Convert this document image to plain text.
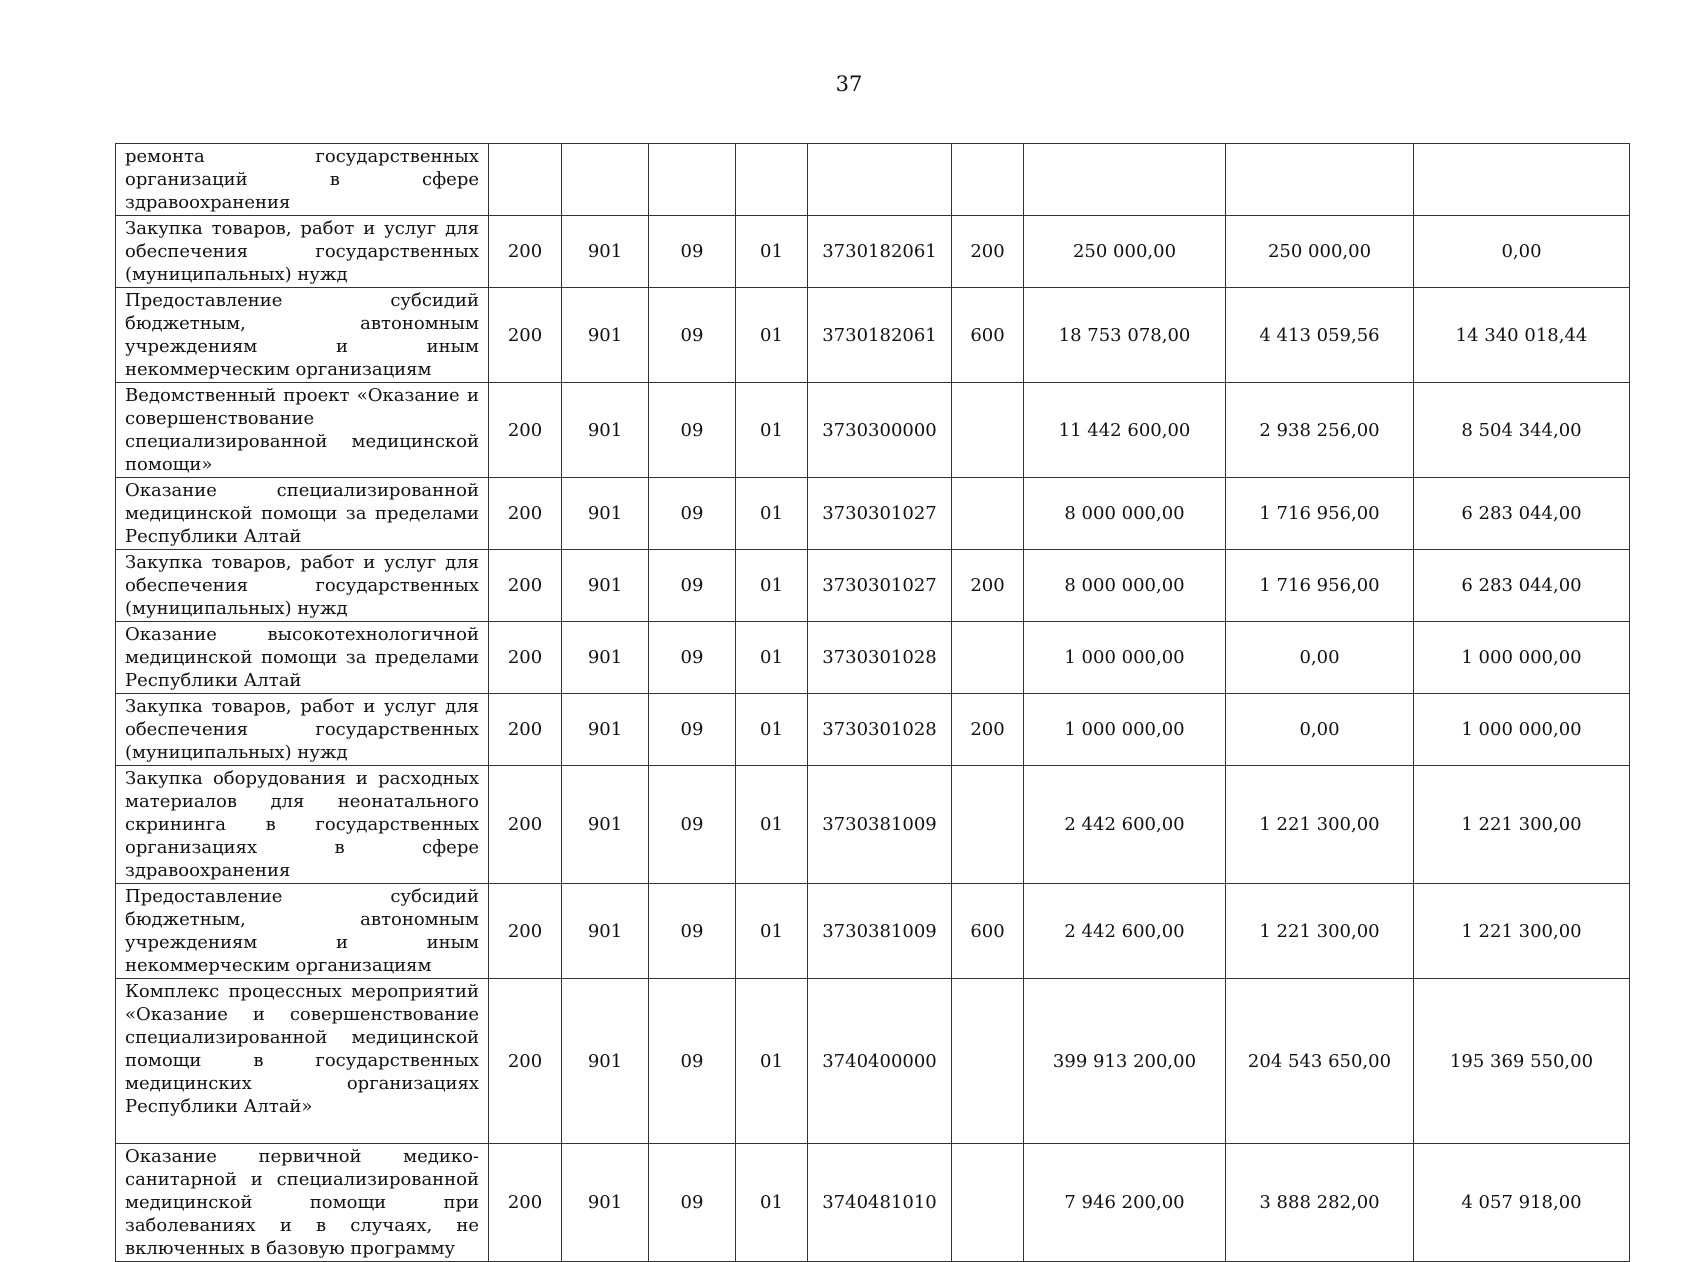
37
ремонта государственных организаций в сфере здравоохранения									
Закупка товаров, работ и услуг для обеспечения государственных (муниципальных) нужд	200	901	09	01	3730182061	200	250 000,00	250 000,00	0,00
Предоставление субсидий бюджетным, автономным учреждениям и иным некоммерческим организациям	200	901	09	01	3730182061	600	18 753 078,00	4 413 059,56	14 340 018,44
Ведомственный проект «Оказание и совершенствование специализированной медицинской помощи»	200	901	09	01	3730300000		11 442 600,00	2 938 256,00	8 504 344,00
Оказание специализированной медицинской помощи за пределами Республики Алтай	200	901	09	01	3730301027		8 000 000,00	1 716 956,00	6 283 044,00
Закупка товаров, работ и услуг для обеспечения государственных (муниципальных) нужд	200	901	09	01	3730301027	200	8 000 000,00	1 716 956,00	6 283 044,00
Оказание высокотехнологичной медицинской помощи за пределами Республики Алтай	200	901	09	01	3730301028		1 000 000,00	0,00	1 000 000,00
Закупка товаров, работ и услуг для обеспечения государственных (муниципальных) нужд	200	901	09	01	3730301028	200	1 000 000,00	0,00	1 000 000,00
Закупка оборудования и расходных материалов для неонатального скрининга в государственных организациях в сфере здравоохранения	200	901	09	01	3730381009		2 442 600,00	1 221 300,00	1 221 300,00
Предоставление субсидий бюджетным, автономным учреждениям и иным некоммерческим организациям	200	901	09	01	3730381009	600	2 442 600,00	1 221 300,00	1 221 300,00
Комплекс процессных мероприятий «Оказание и совершенствование специализированной медицинской помощи в государственных медицинских организациях Республики Алтай»	200	901	09	01	3740400000		399 913 200,00	204 543 650,00	195 369 550,00
Оказание первичной медико-санитарной и специализированной медицинской помощи при заболеваниях и в случаях, не включенных в базовую программу	200	901	09	01	3740481010		7 946 200,00	3 888 282,00	4 057 918,00
